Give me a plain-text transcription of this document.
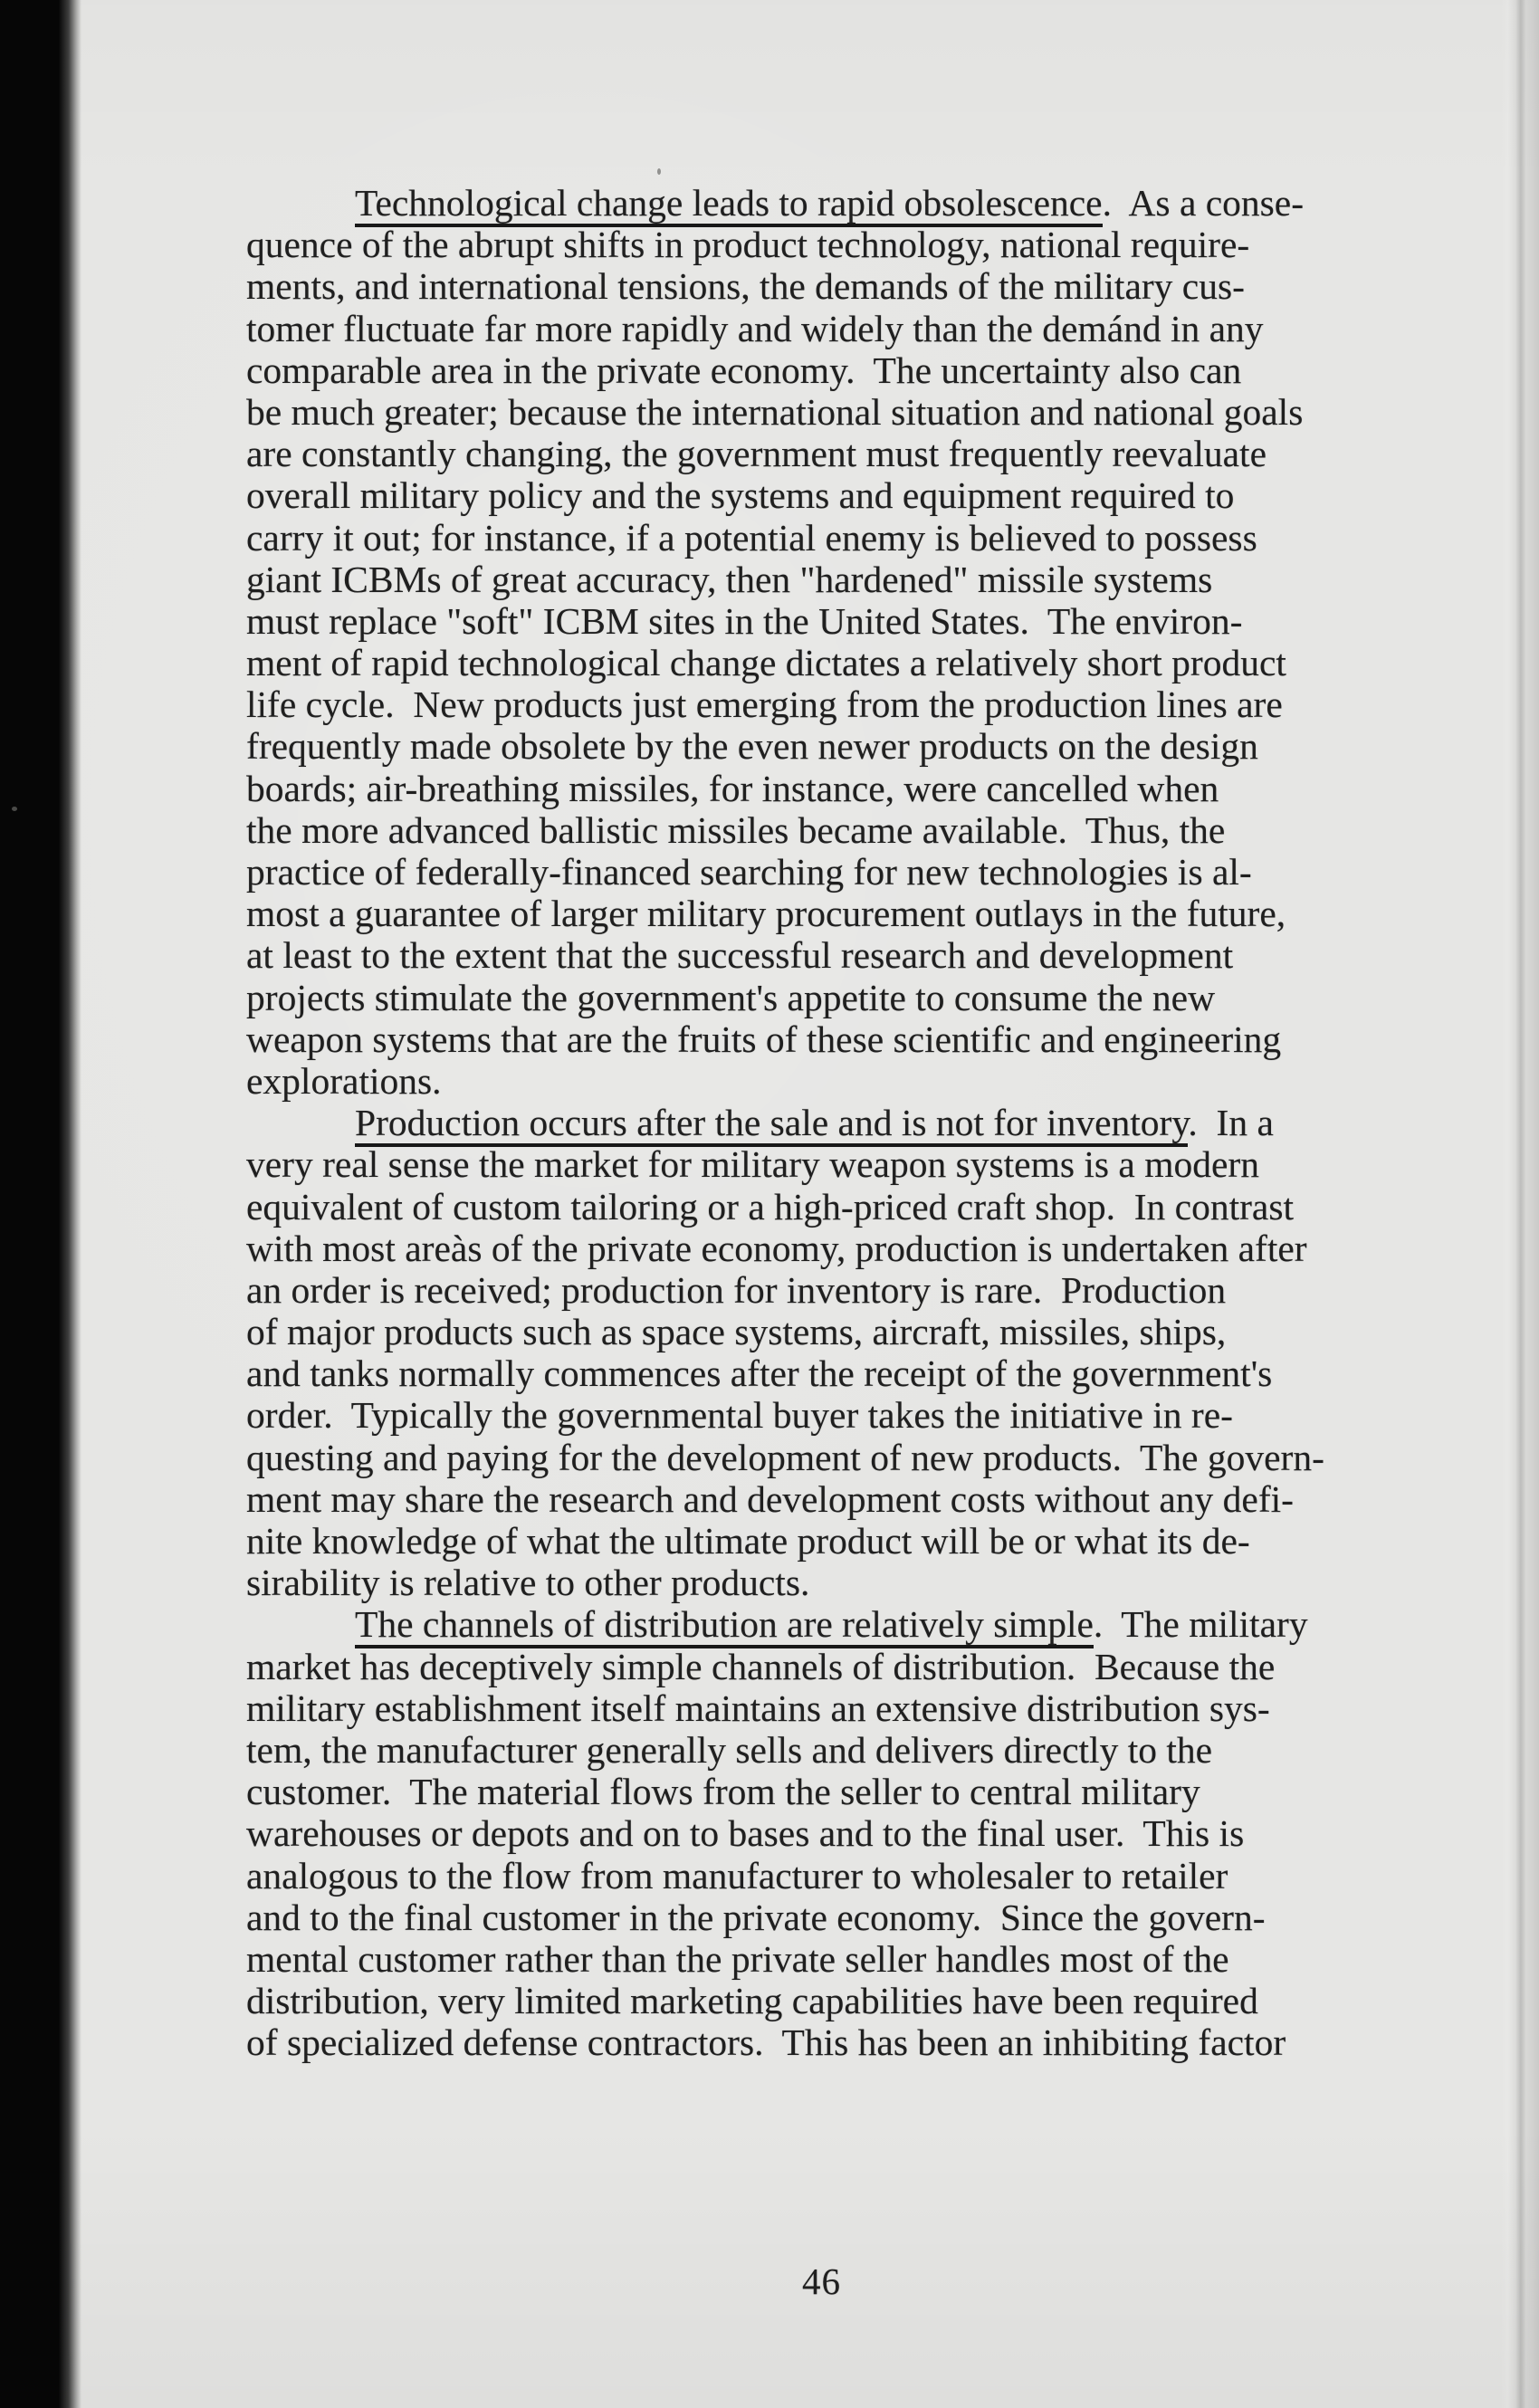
Technological change leads to rapid obsolescence.  As a conse-
quence of the abrupt shifts in product technology, national require-
ments, and international tensions, the demands of the military cus-
tomer fluctuate far more rapidly and widely than the demánd in any
comparable area in the private economy.  The uncertainty also can
be much greater; because the international situation and national goals
are constantly changing, the government must frequently reevaluate
overall military policy and the systems and equipment required to
carry it out; for instance, if a potential enemy is believed to possess
giant ICBMs of great accuracy, then "hardened" missile systems
must replace "soft" ICBM sites in the United States.  The environ-
ment of rapid technological change dictates a relatively short product
life cycle.  New products just emerging from the production lines are
frequently made obsolete by the even newer products on the design
boards; air-breathing missiles, for instance, were cancelled when
the more advanced ballistic missiles became available.  Thus, the
practice of federally-financed searching for new technologies is al-
most a guarantee of larger military procurement outlays in the future,
at least to the extent that the successful research and development
projects stimulate the government's appetite to consume the new
weapon systems that are the fruits of these scientific and engineering
explorations.
Production occurs after the sale and is not for inventory.  In a
very real sense the market for military weapon systems is a modern
equivalent of custom tailoring or a high-priced craft shop.  In contrast
with most areàs of the private economy, production is undertaken after
an order is received; production for inventory is rare.  Production
of major products such as space systems, aircraft, missiles, ships,
and tanks normally commences after the receipt of the government's
order.  Typically the governmental buyer takes the initiative in re-
questing and paying for the development of new products.  The govern-
ment may share the research and development costs without any defi-
nite knowledge of what the ultimate product will be or what its de-
sirability is relative to other products.
The channels of distribution are relatively simple.  The military
market has deceptively simple channels of distribution.  Because the
military establishment itself maintains an extensive distribution sys-
tem, the manufacturer generally sells and delivers directly to the
customer.  The material flows from the seller to central military
warehouses or depots and on to bases and to the final user.  This is
analogous to the flow from manufacturer to wholesaler to retailer
and to the final customer in the private economy.  Since the govern-
mental customer rather than the private seller handles most of the
distribution, very limited marketing capabilities have been required
of specialized defense contractors.  This has been an inhibiting factor
46
